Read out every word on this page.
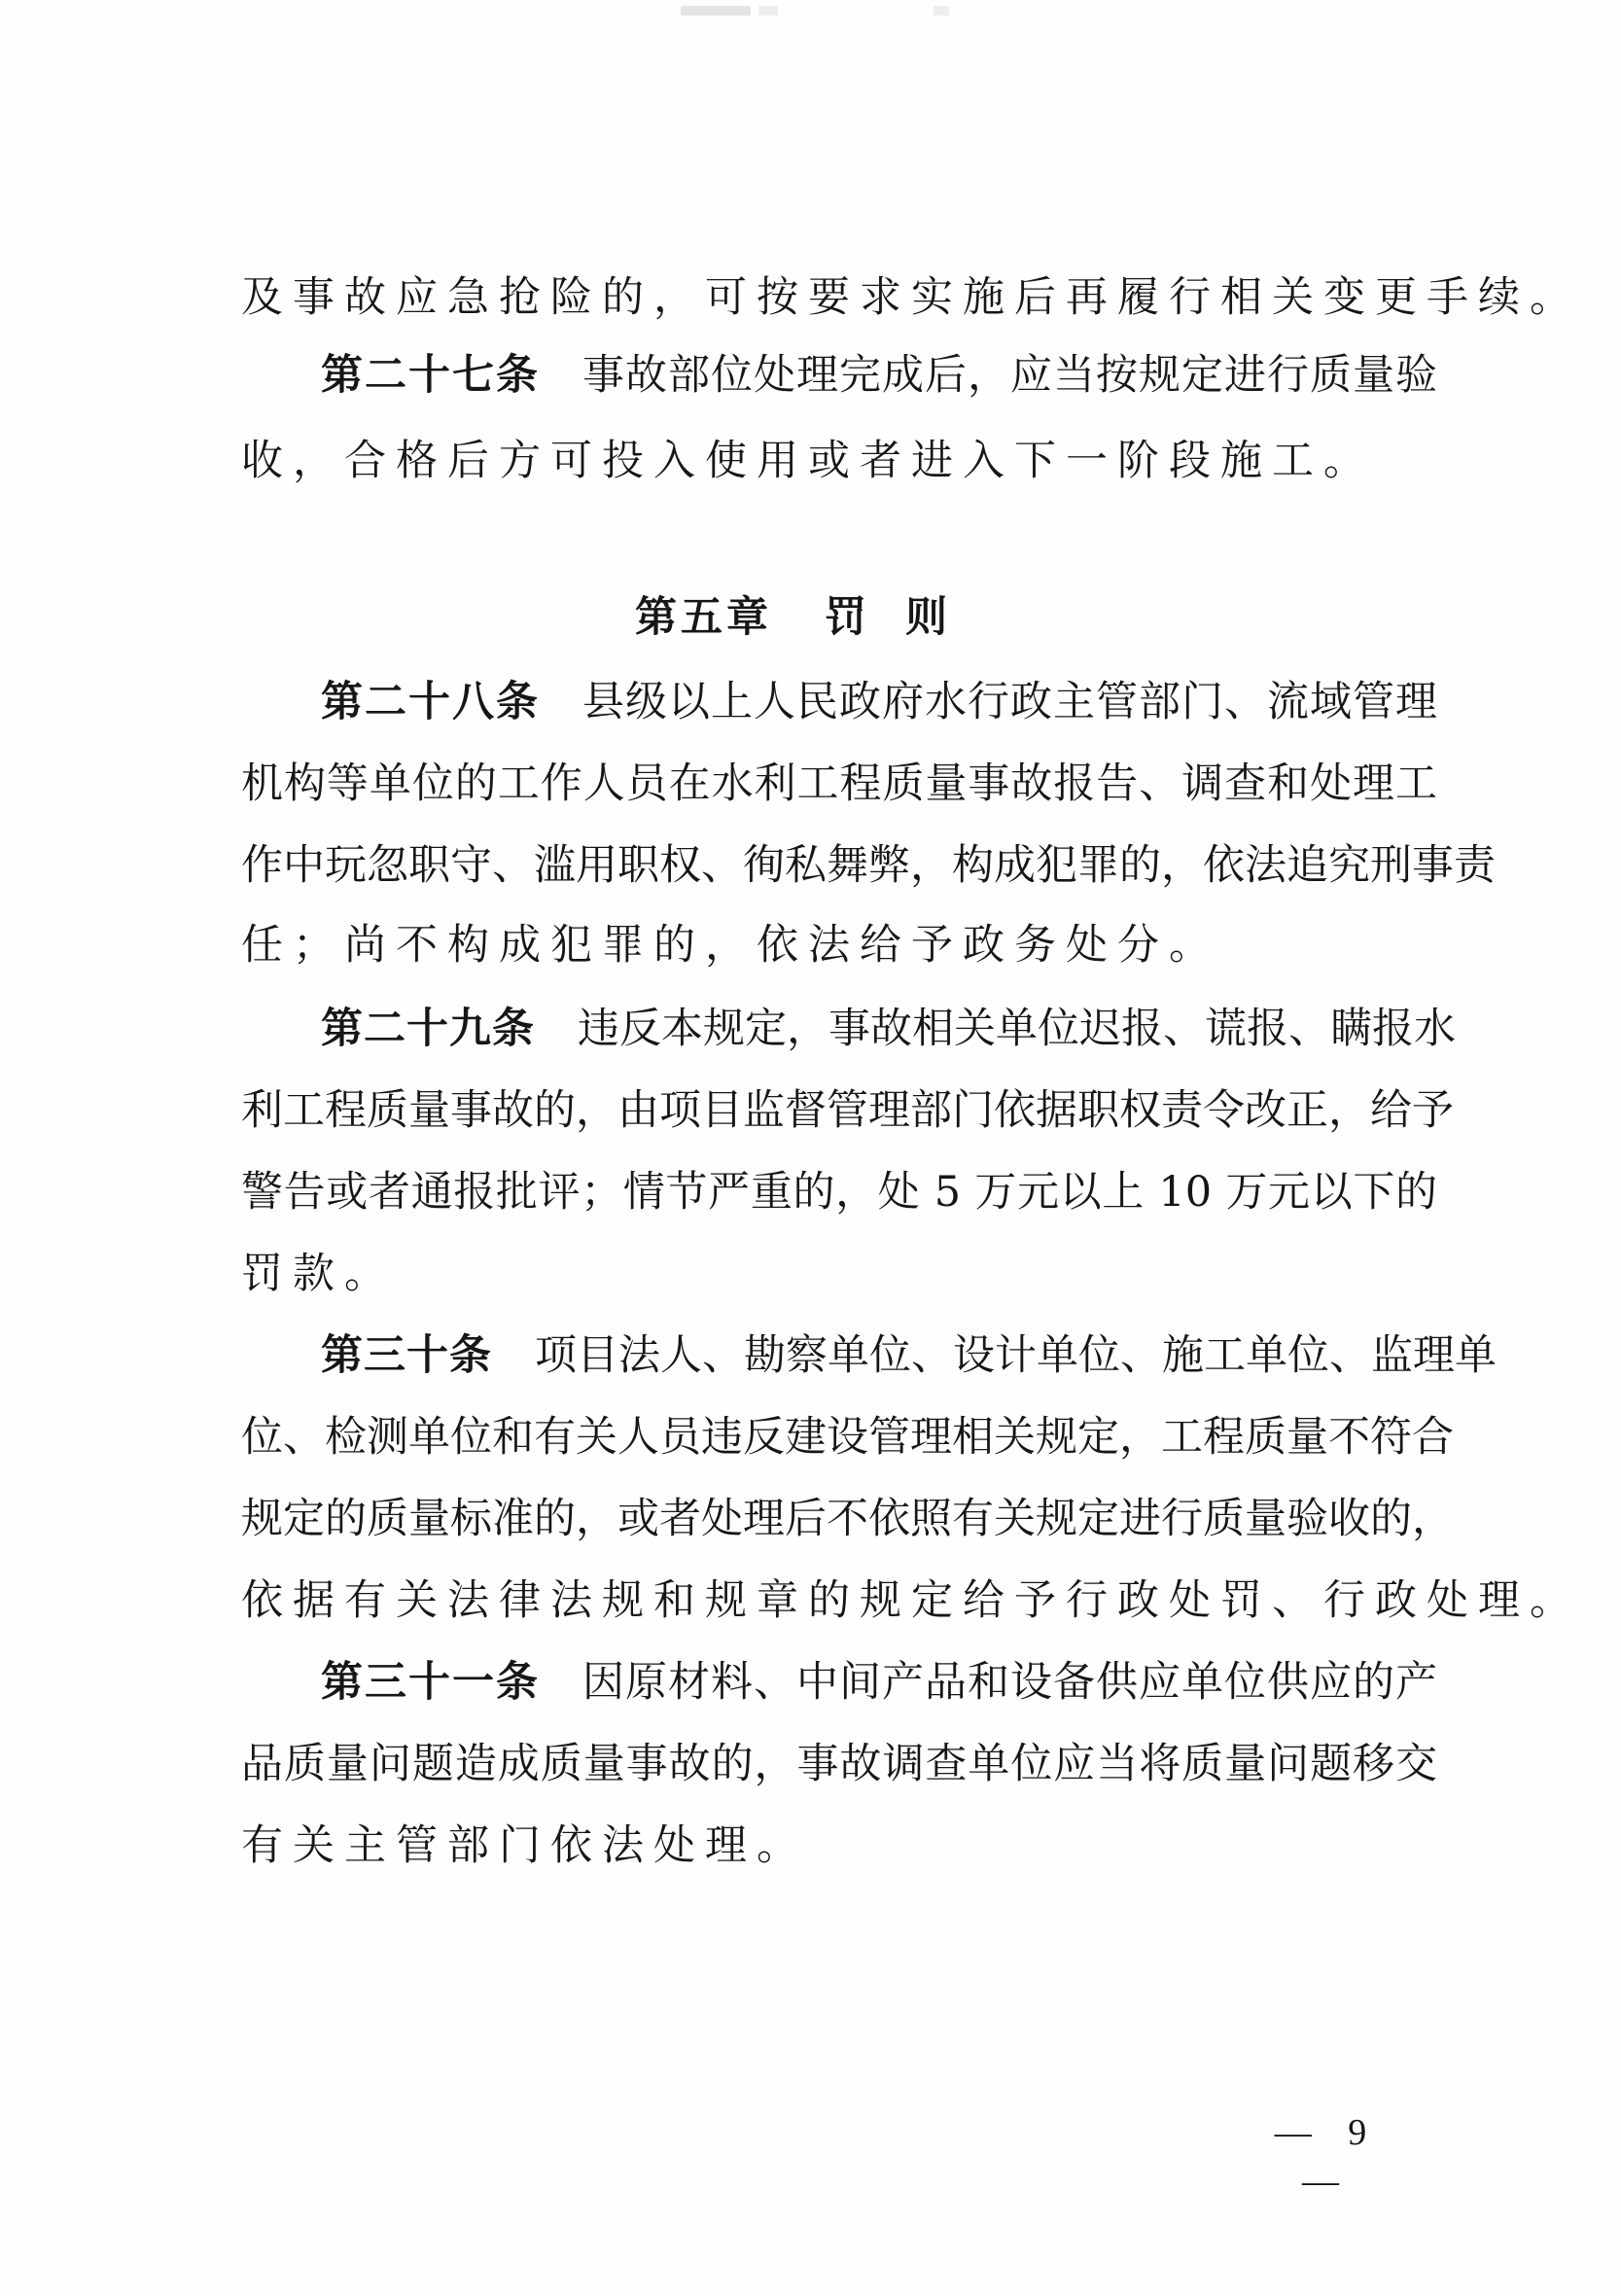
及事故应急抢险的，可按要求实施后再履行相关变更手续。
第二十七条 事故部位处理完成后，应当按规定进行质量验
收，合格后方可投入使用或者进入下一阶段施工。
第五章 罚则
第二十八条 县级以上人民政府水行政主管部门、流域管理
机构等单位的工作人员在水利工程质量事故报告、调查和处理工
作中玩忽职守、滥用职权、徇私舞弊，构成犯罪的，依法追究刑事责
任；尚不构成犯罪的，依法给予政务处分。
第二十九条 违反本规定，事故相关单位迟报、谎报、瞒报水
利工程质量事故的，由项目监督管理部门依据职权责令改正，给予
警告或者通报批评；情节严重的，处 5 万元以上 10 万元以下的
罚款。
第三十条 项目法人、勘察单位、设计单位、施工单位、监理单
位、检测单位和有关人员违反建设管理相关规定，工程质量不符合
规定的质量标准的，或者处理后不依照有关规定进行质量验收的，
依据有关法律法规和规章的规定给予行政处罚、行政处理。
第三十一条 因原材料、中间产品和设备供应单位供应的产
品质量问题造成质量事故的，事故调查单位应当将质量问题移交
有关主管部门依法处理。
— 9 —
